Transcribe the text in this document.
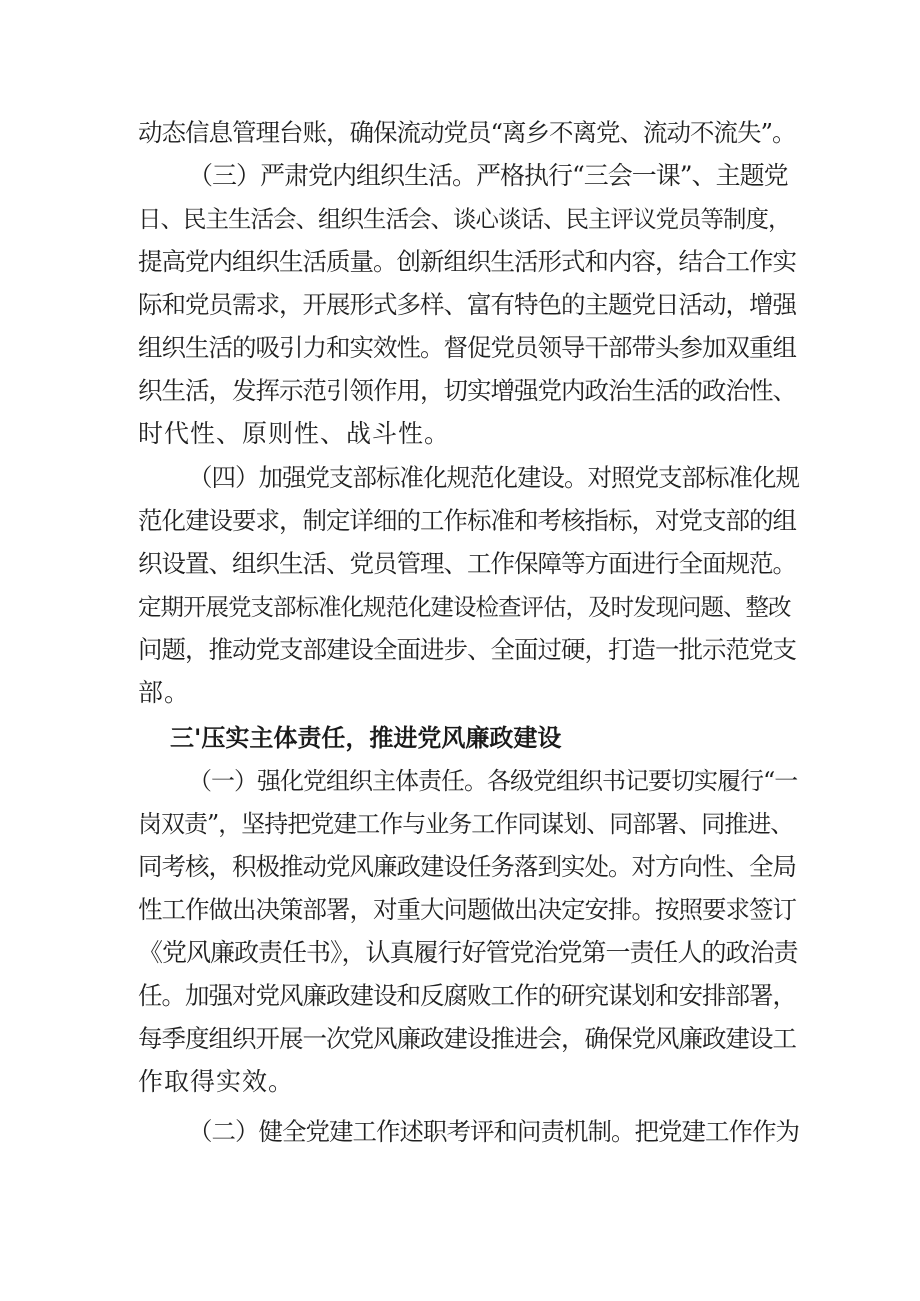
动态信息管理台账，确保流动党员“离乡不离党、流动不流失”。
（三）严肃党内组织生活。严格执行“三会一课”、主题党
日、民主生活会、组织生活会、谈心谈话、民主评议党员等制度，
提高党内组织生活质量。创新组织生活形式和内容，结合工作实
际和党员需求，开展形式多样、富有特色的主题党日活动，增强
组织生活的吸引力和实效性。督促党员领导干部带头参加双重组
织生活，发挥示范引领作用，切实增强党内政治生活的政治性、
时代性、原则性、战斗性。
（四）加强党支部标准化规范化建设。对照党支部标准化规
范化建设要求，制定详细的工作标准和考核指标，对党支部的组
织设置、组织生活、党员管理、工作保障等方面进行全面规范。
定期开展党支部标准化规范化建设检查评估，及时发现问题、整改
问题，推动党支部建设全面进步、全面过硬，打造一批示范党支
部。
三'压实主体责任，推进党风廉政建设
（一）强化党组织主体责任。各级党组织书记要切实履行“一
岗双责”，坚持把党建工作与业务工作同谋划、同部署、同推进、
同考核，积极推动党风廉政建设任务落到实处。对方向性、全局
性工作做出决策部署，对重大问题做出决定安排。按照要求签订
《党风廉政责任书》，认真履行好管党治党第一责任人的政治责
任。加强对党风廉政建设和反腐败工作的研究谋划和安排部署，
每季度组织开展一次党风廉政建设推进会，确保党风廉政建设工
作取得实效。
（二）健全党建工作述职考评和问责机制。把党建工作作为
